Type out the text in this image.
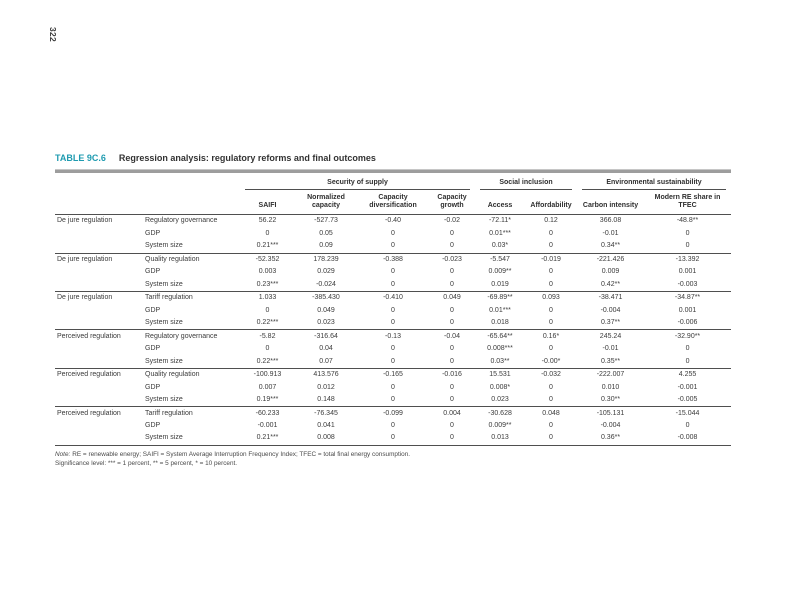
322
TABLE 9C.6 Regression analysis: regulatory reforms and final outcomes

		Security of supply				Social inclusion		Environmental sustainability	

		SAIFI	Normalized capacity	Capacity diversification	Capacity growth	Access	Affordability	Carbon intensity	Modern RE share in TFEC
De jure regulation	Regulatory governance	56.22	-527.73	-0.40	-0.02	-72.11*	0.12	366.08	-48.8**
	GDP	0	0.05	0	0	0.01***	0	-0.01	0
	System size	0.21***	0.09	0	0	0.03*	0	0.34**	0
De jure regulation	Quality regulation	-52.352	178.239	-0.388	-0.023	-5.547	-0.019	-221.426	-13.392
	GDP	0.003	0.029	0	0	0.009**	0	0.009	0.001
	System size	0.23***	-0.024	0	0	0.019	0	0.42**	-0.003
De jure regulation	Tariff regulation	1.033	-385.430	-0.410	0.049	-69.89**	0.093	-38.471	-34.87**
	GDP	0	0.049	0	0	0.01***	0	-0.004	0.001
	System size	0.22***	0.023	0	0	0.018	0	0.37**	-0.006
Perceived regulation	Regulatory governance	-5.82	-316.64	-0.13	-0.04	-65.64**	0.16*	245.24	-32.90**
	GDP	0	0.04	0	0	0.008***	0	-0.01	0
	System size	0.22***	0.07	0	0	0.03**	-0.00*	0.35**	0
Perceived regulation	Quality regulation	-100.913	413.576	-0.165	-0.016	15.531	-0.032	-222.007	4.255
	GDP	0.007	0.012	0	0	0.008*	0	0.010	-0.001
	System size	0.19***	0.148	0	0	0.023	0	0.30**	-0.005
Perceived regulation	Tariff regulation	-60.233	-76.345	-0.099	0.004	-30.628	0.048	-105.131	-15.044
	GDP	-0.001	0.041	0	0	0.009**	0	-0.004	0
	System size	0.21***	0.008	0	0	0.013	0	0.36**	-0.008
Note: RE = renewable energy; SAIFI = System Average Interruption Frequency Index; TFEC = total final energy consumption.
Significance level: *** = 1 percent, ** = 5 percent, * = 10 percent.
